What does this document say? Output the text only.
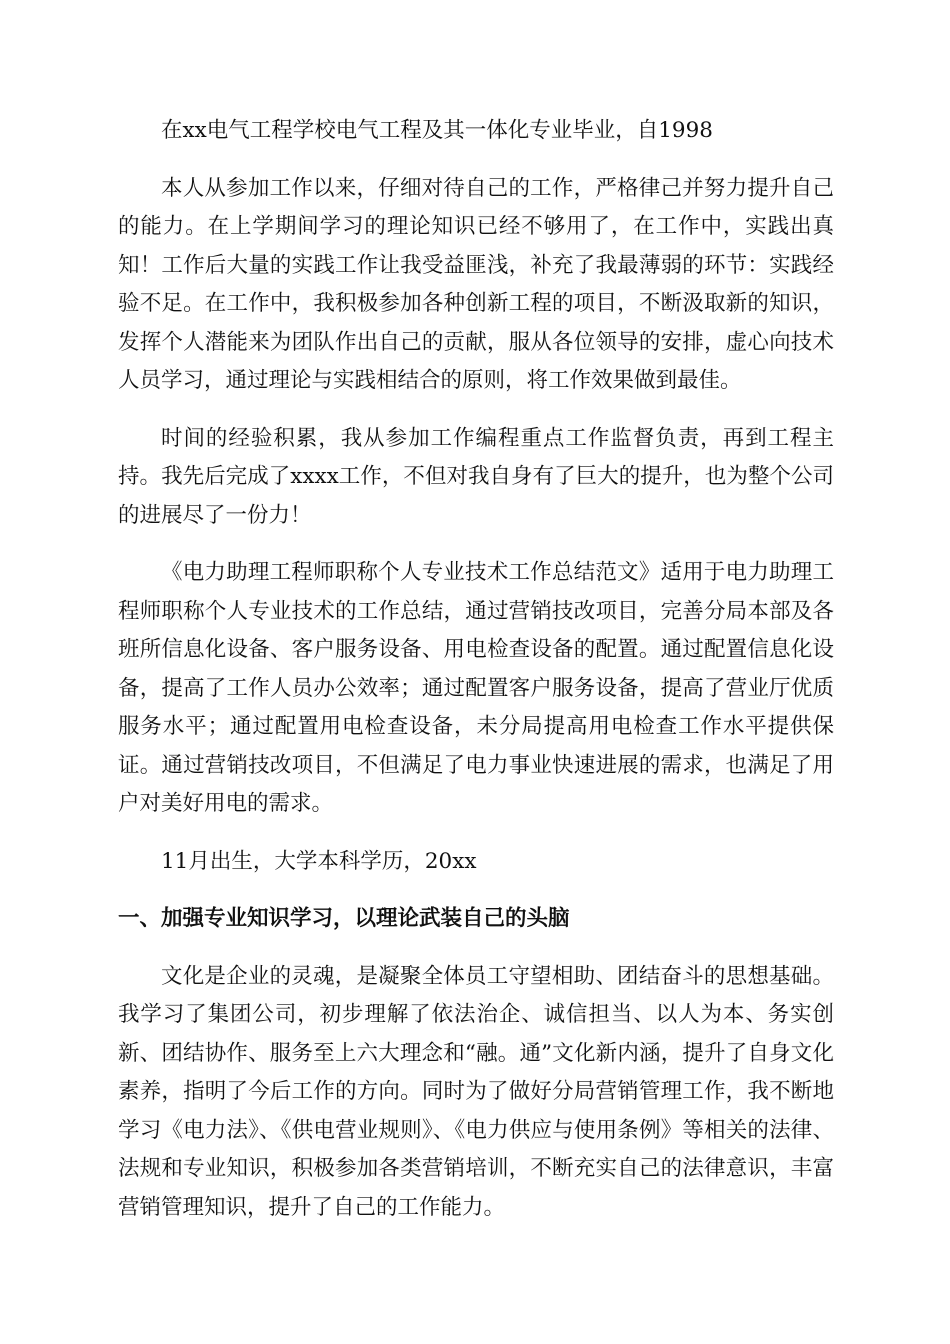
在xx电气工程学校电气工程及其一体化专业毕业，自1998

本人从参加工作以来，仔细对待自己的工作，严格律己并努力提升自己的能力。在上学期间学习的理论知识已经不够用了，在工作中，实践出真知！工作后大量的实践工作让我受益匪浅，补充了我最薄弱的环节：实践经验不足。在工作中，我积极参加各种创新工程的项目，不断汲取新的知识，发挥个人潜能来为团队作出自己的贡献，服从各位领导的安排，虚心向技术人员学习，通过理论与实践相结合的原则，将工作效果做到最佳。

时间的经验积累，我从参加工作编程重点工作监督负责，再到工程主持。我先后完成了xxxx工作，不但对我自身有了巨大的提升，也为整个公司的进展尽了一份力！

《电力助理工程师职称个人专业技术工作总结范文》适用于电力助理工程师职称个人专业技术的工作总结，通过营销技改项目，完善分局本部及各班所信息化设备、客户服务设备、用电检查设备的配置。通过配置信息化设备，提高了工作人员办公效率；通过配置客户服务设备，提高了营业厅优质服务水平；通过配置用电检查设备，未分局提高用电检查工作水平提供保证。通过营销技改项目，不但满足了电力事业快速进展的需求，也满足了用户对美好用电的需求。

11月出生，大学本科学历，20xx

一、加强专业知识学习，以理论武装自己的头脑

文化是企业的灵魂，是凝聚全体员工守望相助、团结奋斗的思想基础。我学习了集团公司，初步理解了依法治企、诚信担当、以人为本、务实创新、团结协作、服务至上六大理念和“融。通”文化新内涵，提升了自身文化素养，指明了今后工作的方向。同时为了做好分局营销管理工作，我不断地学习《电力法》、《供电营业规则》、《电力供应与使用条例》等相关的法律、法规和专业知识，积极参加各类营销培训，不断充实自己的法律意识，丰富营销管理知识，提升了自己的工作能力。
